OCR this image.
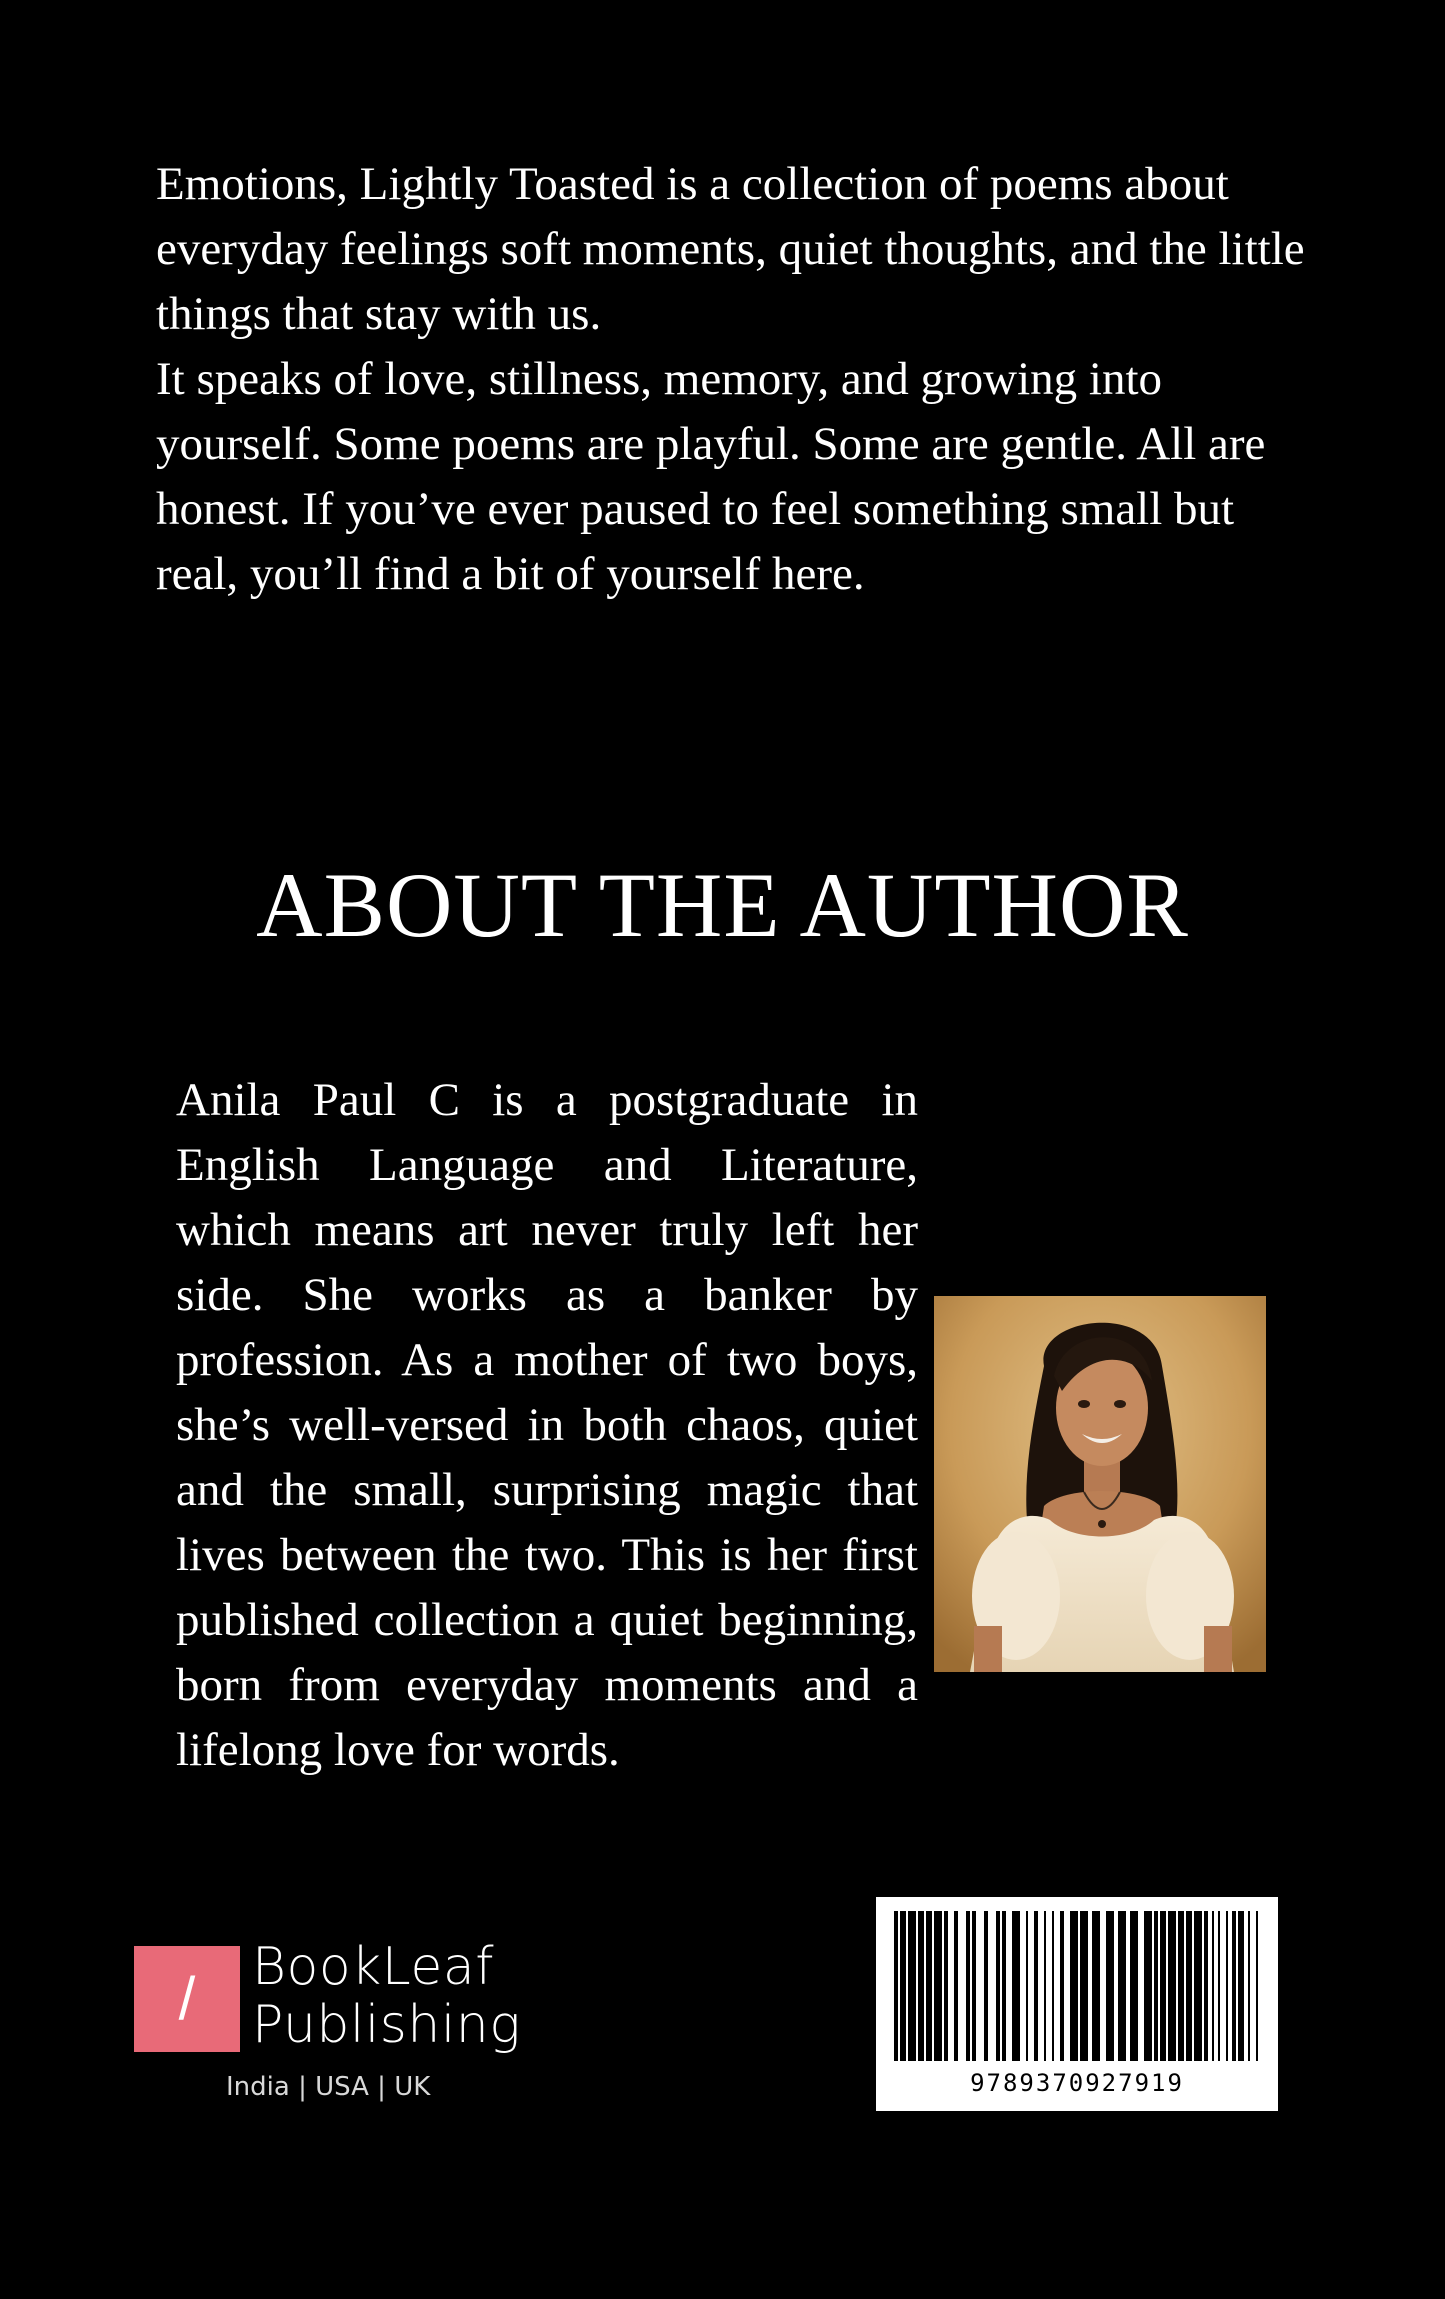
Emotions, Lightly Toasted is a collection of poems about everyday feelings soft moments, quiet thoughts, and the little things that stay with us.

It speaks of love, stillness, memory, and growing into yourself. Some poems are playful. Some are gentle. All are honest. If you’ve ever paused to feel something small but real, you’ll find a bit of yourself here.

ABOUT THE AUTHOR

Anila Paul C is a postgraduate in English Language and Literature, which means art never truly left her side. She works as a banker by profession. As a mother of two boys, she’s well-versed in both chaos, quiet and the small, surprising magic that lives between the two. This is her first published collection a quiet beginning, born from everyday moments and a lifelong love for words.

/	BookLeaf
Publishing
India | USA | UK	9789370927919
